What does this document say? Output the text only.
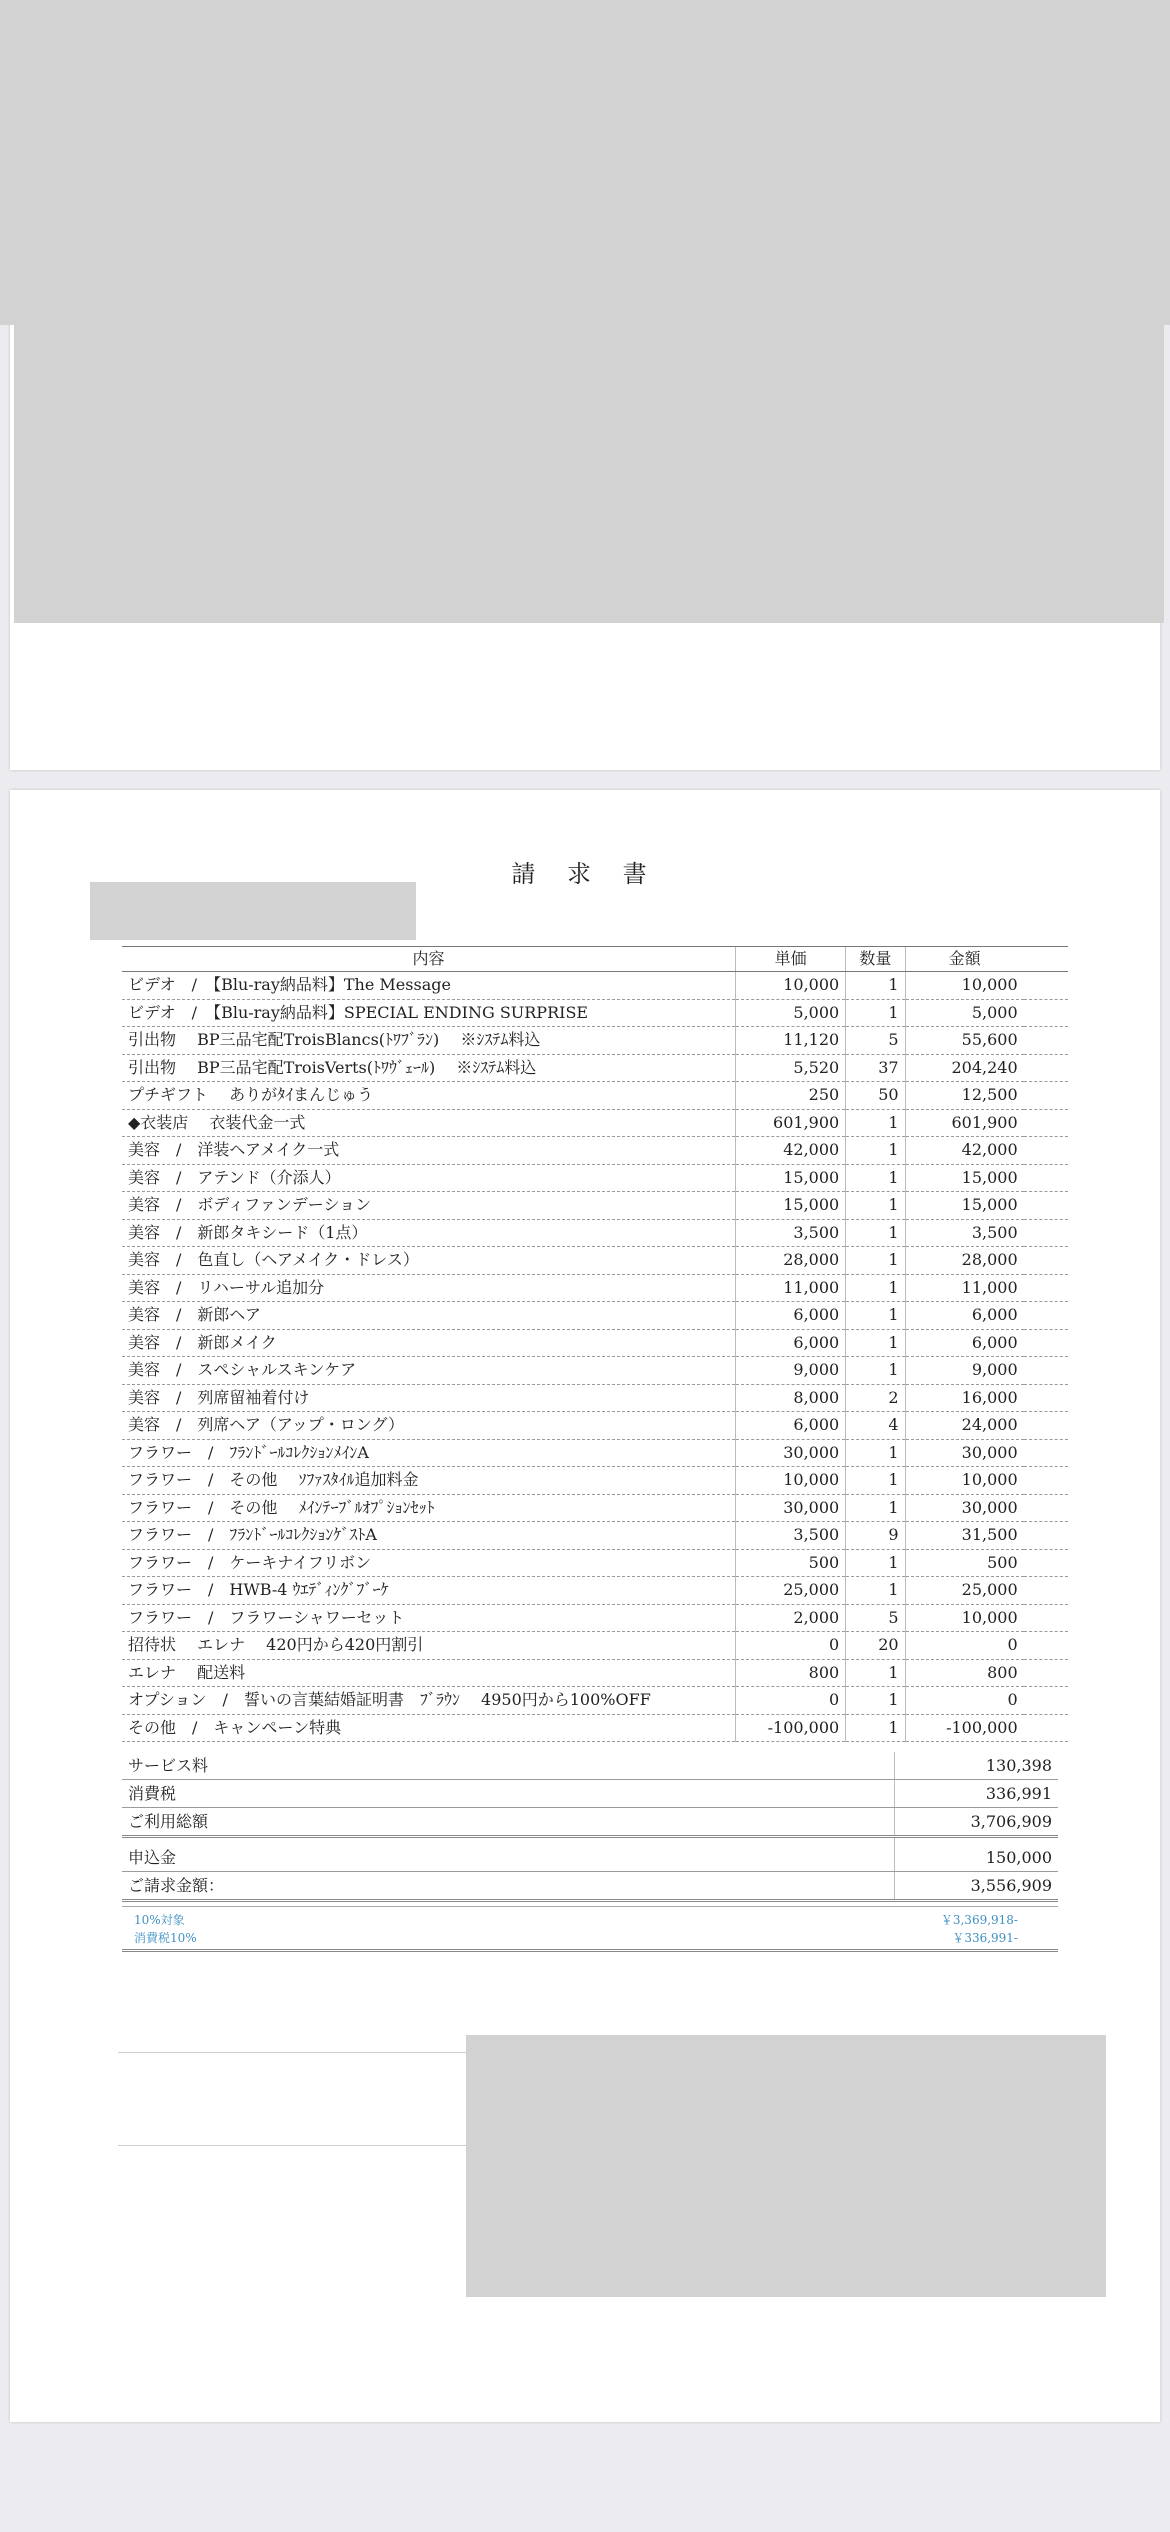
請 求 書
内容	単価	数量	金額	
ビデオ　/　【Blu-ray納品料】The Message	10,000	1	10,000	
ビデオ　/　【Blu-ray納品料】SPECIAL ENDING SURPRISE	5,000	1	5,000	
引出物　 BP三品宅配TroisBlancs(ﾄﾜﾌﾞﾗﾝ)　 ※ｼｽﾃﾑ料込	11,120	5	55,600	
引出物　 BP三品宅配TroisVerts(ﾄﾜｳﾞｪｰﾙ)　 ※ｼｽﾃﾑ料込	5,520	37	204,240	
プチギフト　 ありがﾀｲまんじゅう	250	50	12,500	
◆衣装店　 衣装代金一式	601,900	1	601,900	
美容　/　洋装ヘアメイク一式	42,000	1	42,000	
美容　/　アテンド（介添人）	15,000	1	15,000	
美容　/　ボディファンデーション	15,000	1	15,000	
美容　/　新郎タキシード（1点）	3,500	1	3,500	
美容　/　色直し（ヘアメイク・ドレス）	28,000	1	28,000	
美容　/　リハーサル追加分	11,000	1	11,000	
美容　/　新郎ヘア	6,000	1	6,000	
美容　/　新郎メイク	6,000	1	6,000	
美容　/　スペシャルスキンケア	9,000	1	9,000	
美容　/　列席留袖着付け	8,000	2	16,000	
美容　/　列席ヘア（アップ・ロング）	6,000	4	24,000	
フラワー　/　ﾌﾗﾝﾄﾞｰﾙｺﾚｸｼｮﾝﾒｲﾝA	30,000	1	30,000	
フラワー　/　その他　 ｿﾌｧｽﾀｲﾙ追加料金	10,000	1	10,000	
フラワー　/　その他　 ﾒｲﾝﾃｰﾌﾞﾙｵﾌﾟｼｮﾝｾｯﾄ	30,000	1	30,000	
フラワー　/　ﾌﾗﾝﾄﾞｰﾙｺﾚｸｼｮﾝｹﾞｽﾄA	3,500	9	31,500	
フラワー　/　ケーキナイフリボン	500	1	500	
フラワー　/　HWB-4 ｳｴﾃﾞｨﾝｸﾞﾌﾞｰｹ	25,000	1	25,000	
フラワー　/　フラワーシャワーセット	2,000	5	10,000	
招待状　 エレナ　 420円から420円割引	0	20	0	
エレナ　 配送料	800	1	800	
オプション　/　誓いの言葉結婚証明書　ﾌﾞﾗｳﾝ　 4950円から100%OFF	0	1	0	
その他　/　キャンペーン特典	-100,000	1	-100,000	
サービス料	130,398
消費税	336,991
ご利用総額	3,706,909
申込金	150,000
ご請求金額：	3,556,909
10%対象	￥3,369,918-
消費税10%	￥336,991-
